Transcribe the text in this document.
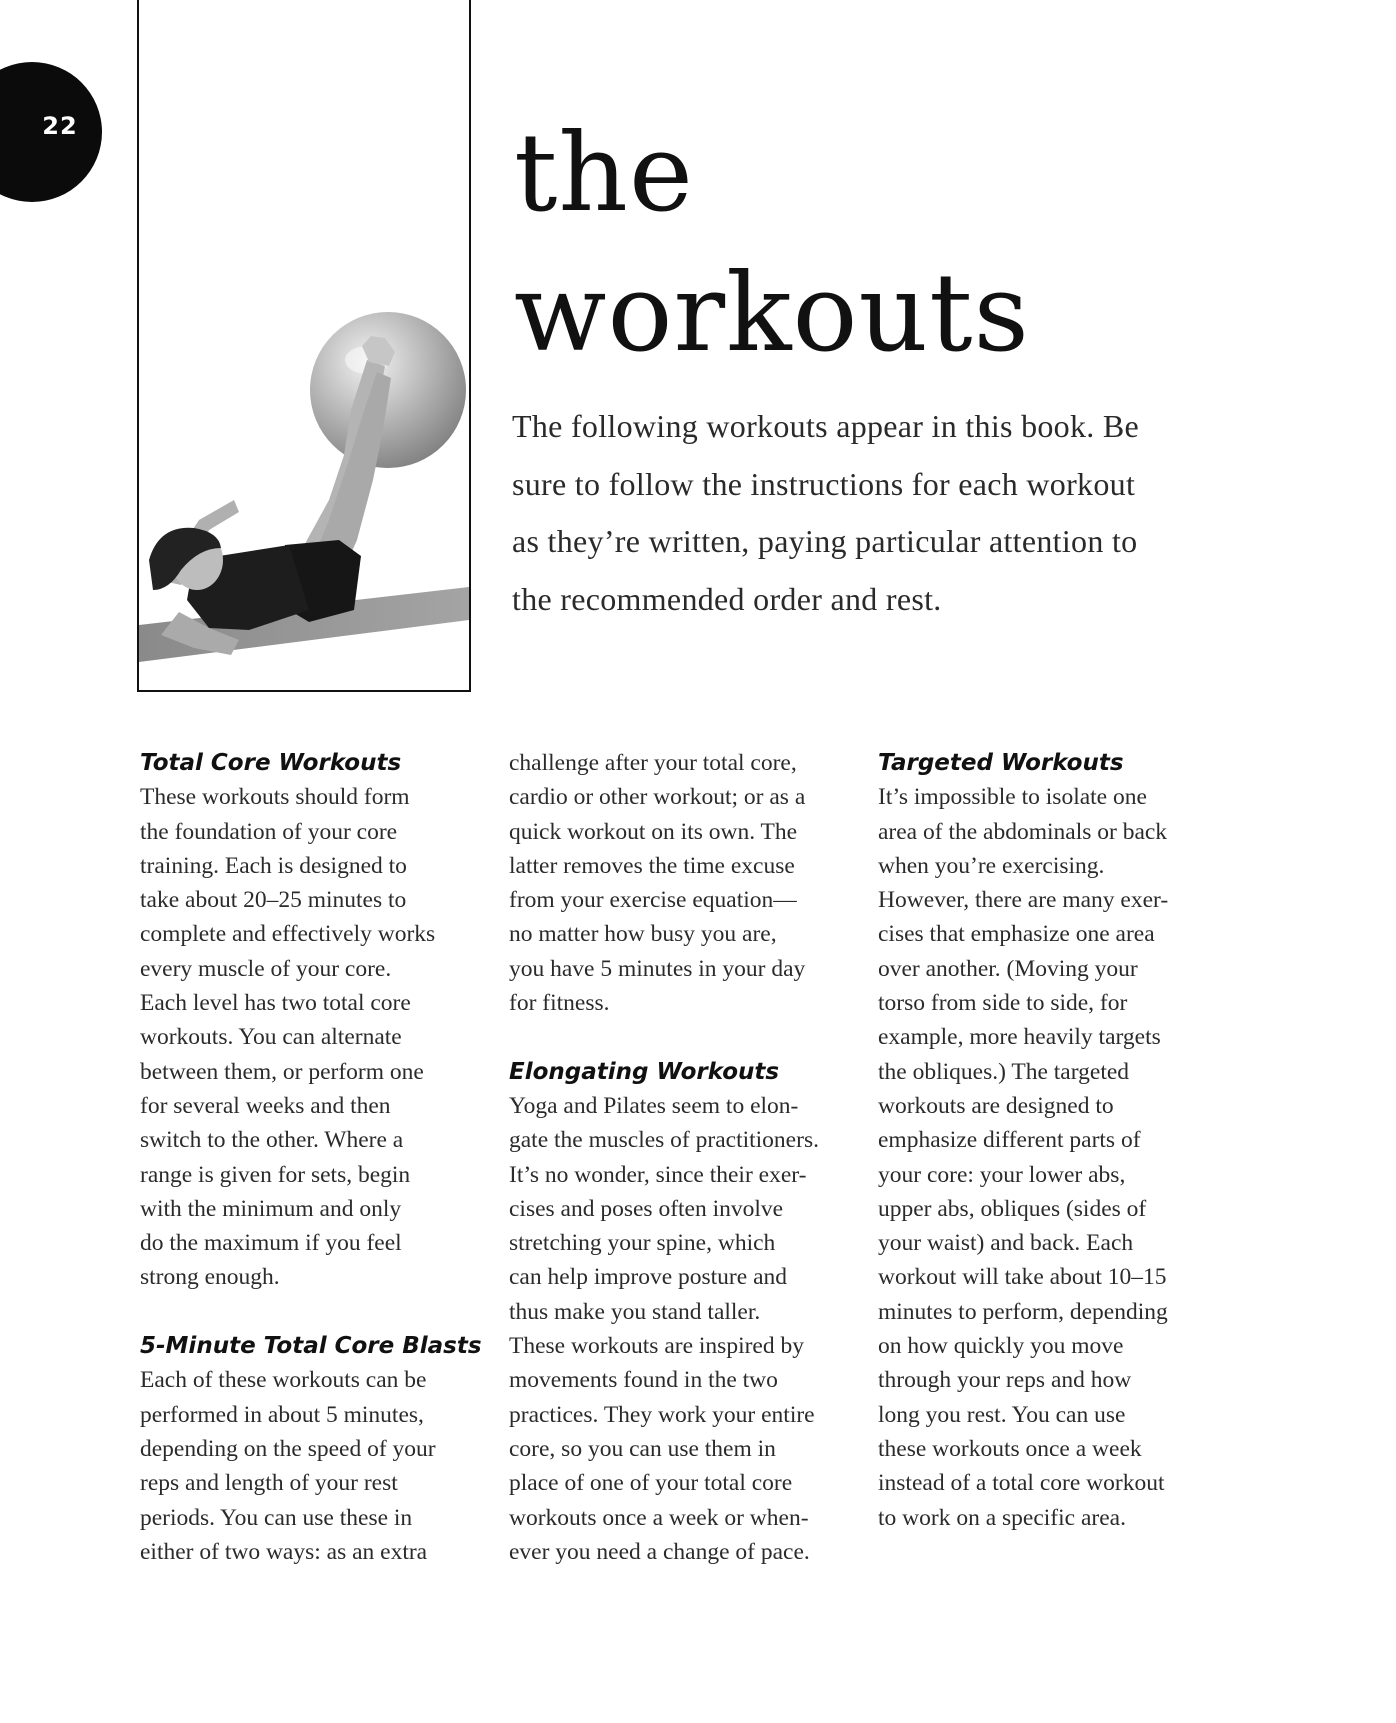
22	the
workouts

The following workouts appear in this book. Be
sure to follow the instructions for each workout
as they’re written, paying particular attention to
the recommended order and rest.

Total Core Workouts
These workouts should form
the foundation of your core
training. Each is designed to
take about 20–25 minutes to
complete and effectively works
every muscle of your core.
Each level has two total core
workouts. You can alternate
between them, or perform one
for several weeks and then
switch to the other. Where a
range is given for sets, begin
with the minimum and only
do the maximum if you feel
strong enough.
5-Minute Total Core Blasts
Each of these workouts can be
performed in about 5 minutes,
depending on the speed of your
reps and length of your rest
periods. You can use these in
either of two ways: as an extra
challenge after your total core,
cardio or other workout; or as a
quick workout on its own. The
latter removes the time excuse
from your exercise equation—
no matter how busy you are,
you have 5 minutes in your day
for fitness.
Elongating Workouts
Yoga and Pilates seem to elon-
gate the muscles of practitioners.
It’s no wonder, since their exer-
cises and poses often involve
stretching your spine, which
can help improve posture and
thus make you stand taller.
These workouts are inspired by
movements found in the two
practices. They work your entire
core, so you can use them in
place of one of your total core
workouts once a week or when-
ever you need a change of pace.
Targeted Workouts
It’s impossible to isolate one
area of the abdominals or back
when you’re exercising.
However, there are many exer-
cises that emphasize one area
over another. (Moving your
torso from side to side, for
example, more heavily targets
the obliques.) The targeted
workouts are designed to
emphasize different parts of
your core: your lower abs,
upper abs, obliques (sides of
your waist) and back. Each
workout will take about 10–15
minutes to perform, depending
on how quickly you move
through your reps and how
long you rest. You can use
these workouts once a week
instead of a total core workout
to work on a specific area.
